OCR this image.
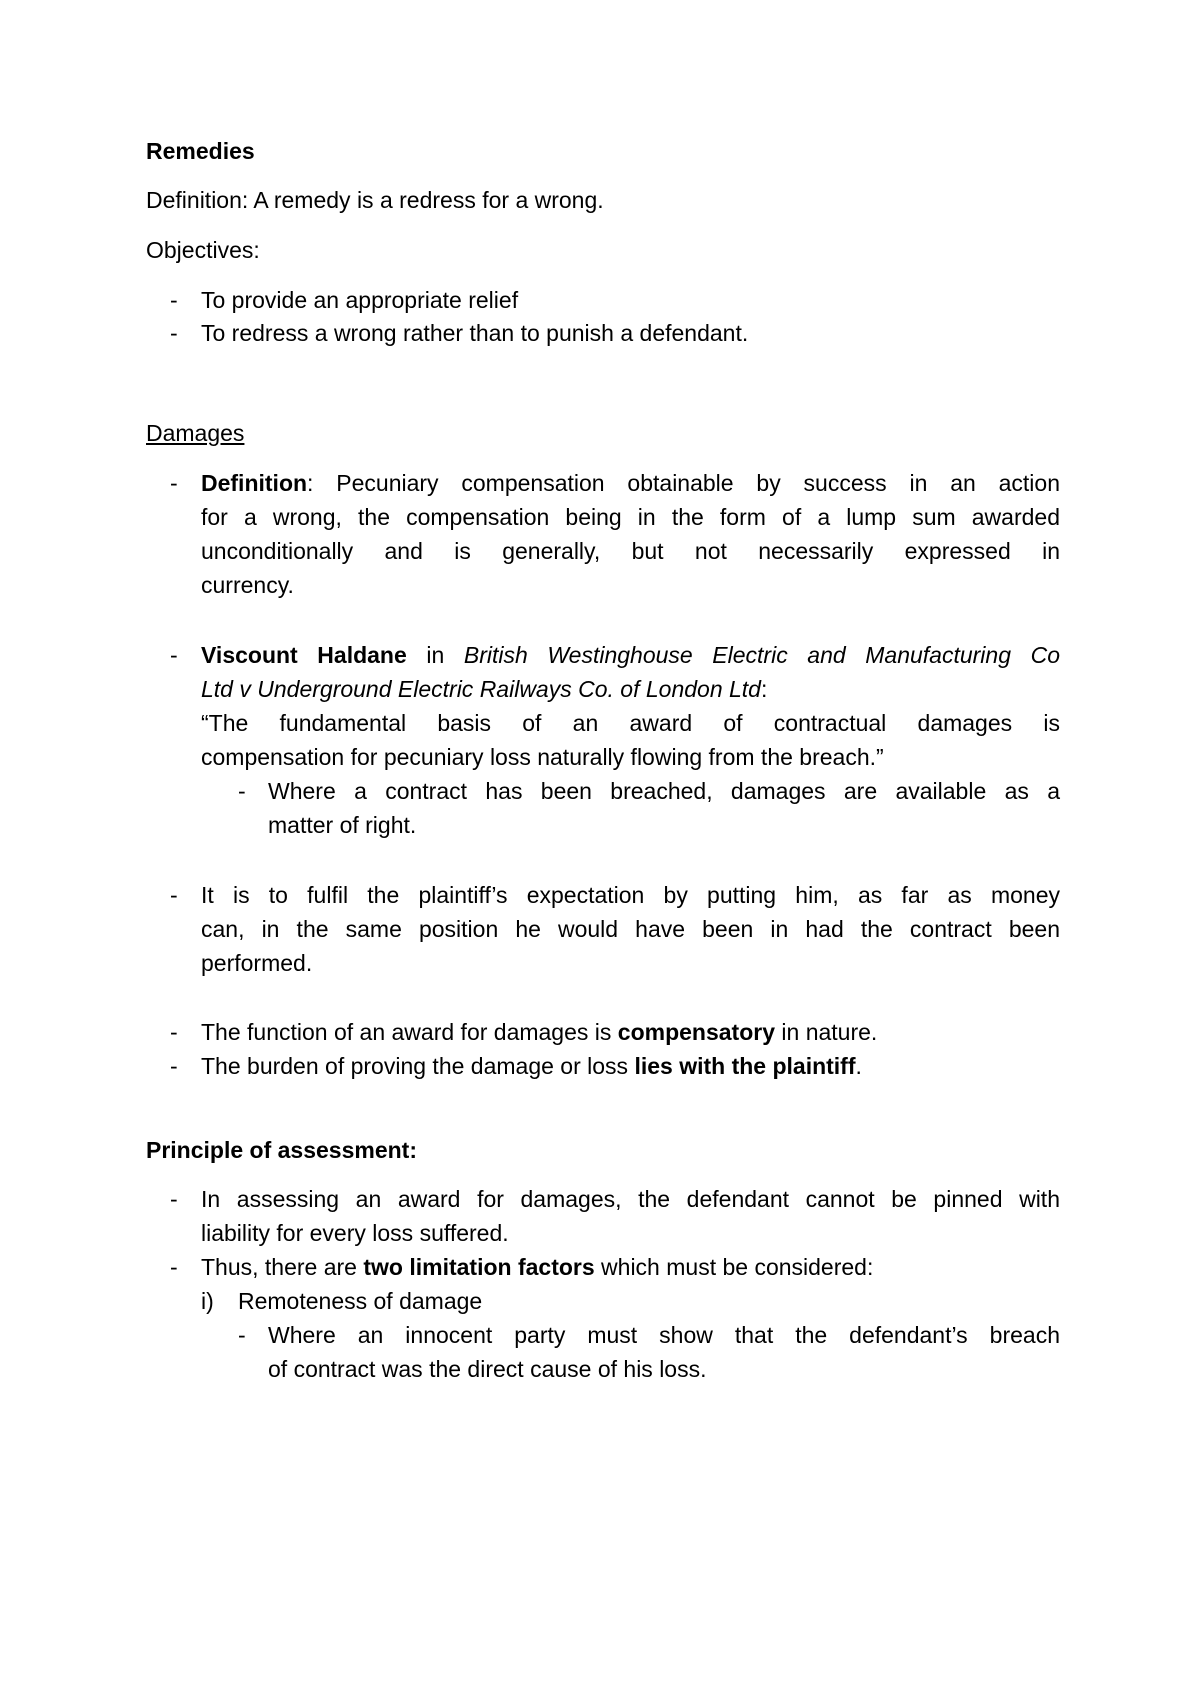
Remedies
Definition: A remedy is a redress for a wrong.
Objectives:
- To provide an appropriate relief
- To redress a wrong rather than to punish a defendant.
Damages
- Definition: Pecuniary compensation obtainable by success in an action
for a wrong, the compensation being in the form of a lump sum awarded
unconditionally and is generally, but not necessarily expressed in
currency.
- Viscount Haldane in British Westinghouse Electric and Manufacturing Co
Ltd v Underground Electric Railways Co. of London Ltd:
“The fundamental basis of an award of contractual damages is
compensation for pecuniary loss naturally flowing from the breach.”
- Where a contract has been breached, damages are available as a
matter of right.
- It is to fulfil the plaintiff’s expectation by putting him, as far as money
can, in the same position he would have been in had the contract been
performed.
- The function of an award for damages is compensatory in nature.
- The burden of proving the damage or loss lies with the plaintiff.
Principle of assessment:
- In assessing an award for damages, the defendant cannot be pinned with
liability for every loss suffered.
- Thus, there are two limitation factors which must be considered:
i) Remoteness of damage
- Where an innocent party must show that the defendant’s breach
of contract was the direct cause of his loss.
